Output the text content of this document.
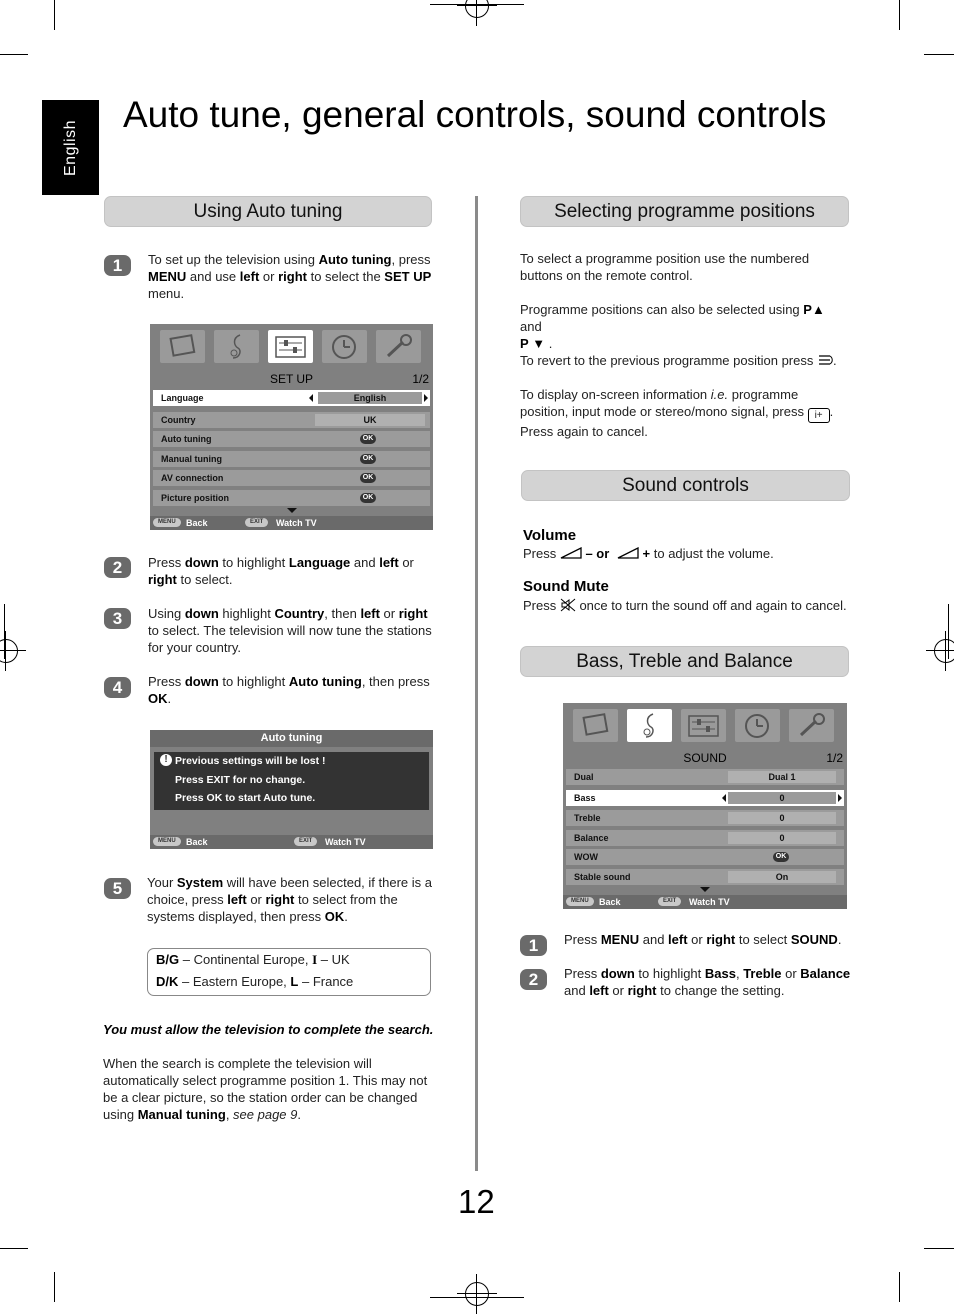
English
Auto tune, general controls, sound controls
Using Auto tuning
1	To set up the television using Auto tuning, press MENU and use left or right to select the SET UP menu.
SET UP	1/2
Language	English
Country	UK
Auto tuning	OK
Manual tuning	OK
AV connection	OK
Picture position	OK
MENU	Back	EXIT	Watch TV
2	Press down to highlight Language and left or right to select.
3	Using down highlight Country, then left or right to select. The television will now tune the stations for your country.
4	Press down to highlight Auto tuning, then press OK.
Auto tuning
! Previous settings will be lost !
Press EXIT for no change.
Press OK to start Auto tune.
MENU	Back	EXIT	Watch TV
5	Your System will have been selected, if there is a choice, press left or right to select from the systems displayed, then press OK.
B/G – Continental Europe, I – UK
D/K – Eastern Europe, L – France
You must allow the television to complete the search.
When the search is complete the television will automatically select programme position 1. This may not be a clear picture, so the station order can be changed using Manual tuning, see page 9.
Selecting programme positions
To select a programme position use the numbered buttons on the remote control.
Programme positions can also be selected using P▲ and
P ▼ .
To revert to the previous programme position press .
To display on-screen information i.e. programme position, input mode or stereo/mono signal, press i+ . Press again to cancel.
Sound controls
Volume
Press  – or  + to adjust the volume.
Sound Mute
Press  once to turn the sound off and again to cancel.
Bass, Treble and Balance
SOUND	1/2
Dual	Dual 1
Bass	0
Treble	0
Balance	0
WOW	OK
Stable sound	On
MENU	Back	EXIT	Watch TV
1	Press MENU and left or right to select SOUND.
2	Press down to highlight Bass, Treble or Balance and left or right to change the setting.
12
